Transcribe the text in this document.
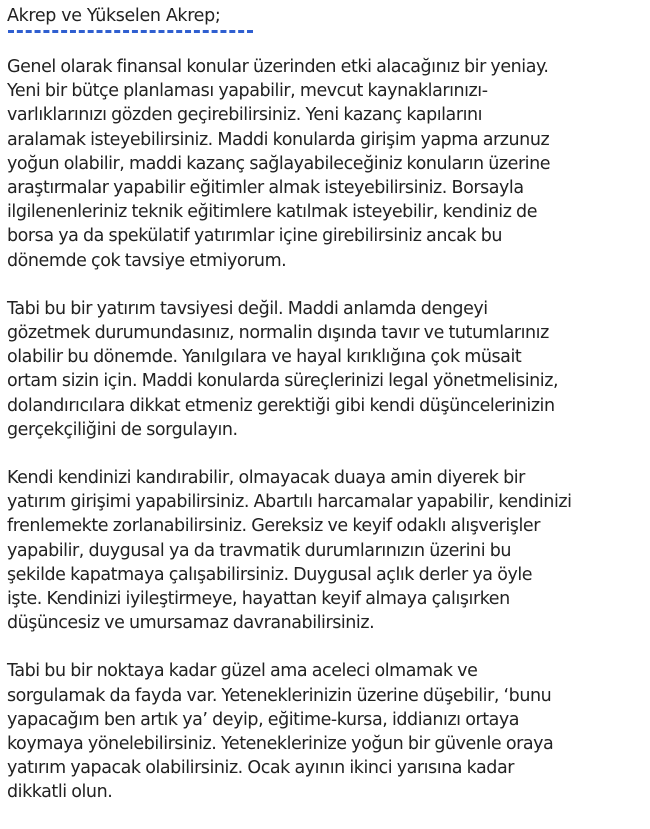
Akrep ve Yükselen Akrep;

Genel olarak finansal konular üzerinden etki alacağınız bir yeniay.
Yeni bir bütçe planlaması yapabilir, mevcut kaynaklarınızı-
varlıklarınızı gözden geçirebilirsiniz. Yeni kazanç kapılarını
aralamak isteyebilirsiniz. Maddi konularda girişim yapma arzunuz
yoğun olabilir, maddi kazanç sağlayabileceğiniz konuların üzerine
araştırmalar yapabilir eğitimler almak isteyebilirsiniz. Borsayla
ilgilenenleriniz teknik eğitimlere katılmak isteyebilir, kendiniz de
borsa ya da spekülatif yatırımlar içine girebilirsiniz ancak bu
dönemde çok tavsiye etmiyorum.

Tabi bu bir yatırım tavsiyesi değil. Maddi anlamda dengeyi
gözetmek durumundasınız, normalin dışında tavır ve tutumlarınız
olabilir bu dönemde. Yanılgılara ve hayal kırıklığına çok müsait
ortam sizin için. Maddi konularda süreçlerinizi legal yönetmelisiniz,
dolandırıcılara dikkat etmeniz gerektiği gibi kendi düşüncelerinizin
gerçekçiliğini de sorgulayın.

Kendi kendinizi kandırabilir, olmayacak duaya amin diyerek bir
yatırım girişimi yapabilirsiniz. Abartılı harcamalar yapabilir, kendinizi
frenlemekte zorlanabilirsiniz. Gereksiz ve keyif odaklı alışverişler
yapabilir, duygusal ya da travmatik durumlarınızın üzerini bu
şekilde kapatmaya çalışabilirsiniz. Duygusal açlık derler ya öyle
işte. Kendinizi iyileştirmeye, hayattan keyif almaya çalışırken
düşüncesiz ve umursamaz davranabilirsiniz.

Tabi bu bir noktaya kadar güzel ama aceleci olmamak ve
sorgulamak da fayda var. Yeteneklerinizin üzerine düşebilir, ‘bunu
yapacağım ben artık ya’ deyip, eğitime-kursa, iddianızı ortaya
koymaya yönelebilirsiniz. Yeteneklerinize yoğun bir güvenle oraya
yatırım yapacak olabilirsiniz. Ocak ayının ikinci yarısına kadar
dikkatli olun.
